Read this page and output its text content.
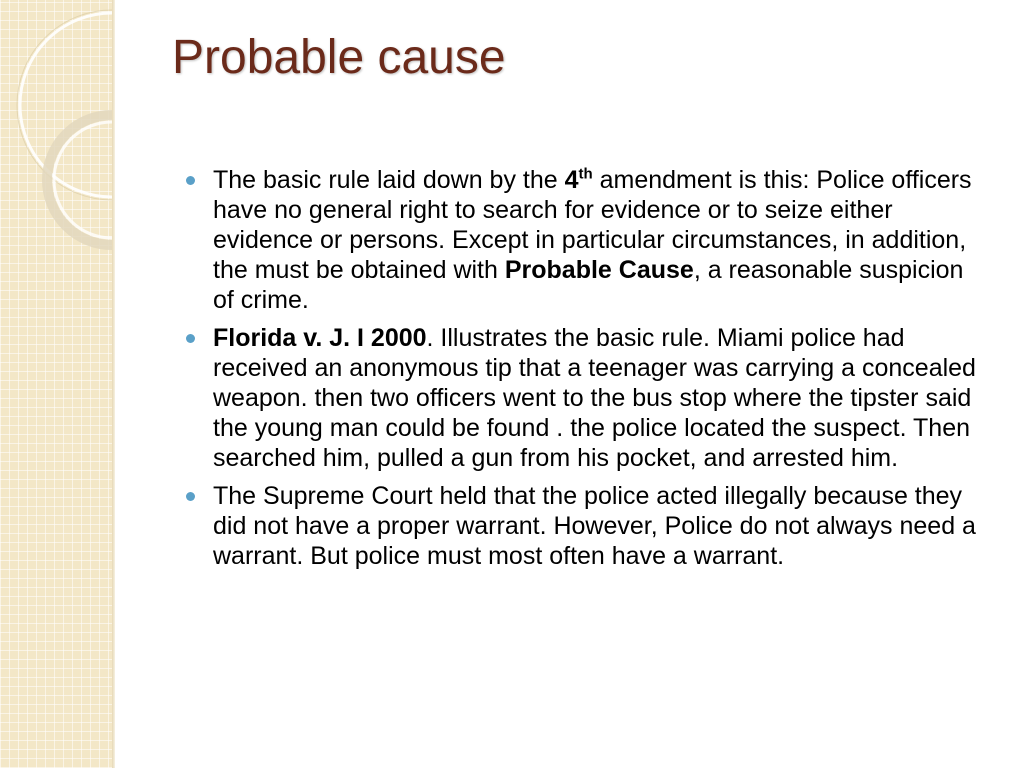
Probable cause
The basic rule laid down by the 4th amendment is this: Police officers have no general right to search for evidence or to seize either evidence or persons. Except in particular circumstances, in addition, the must be obtained with Probable Cause, a reasonable suspicion of crime.
Florida v. J. I 2000. Illustrates the basic rule. Miami police had received an anonymous tip that a teenager was carrying a concealed weapon. then two officers went to the bus stop where the tipster said the young man could be found . the police located the suspect. Then searched him, pulled a gun from his pocket, and arrested him.
The Supreme Court held that the police acted illegally because they did not have a proper warrant. However, Police do not always need a warrant. But police must most often have a warrant.
